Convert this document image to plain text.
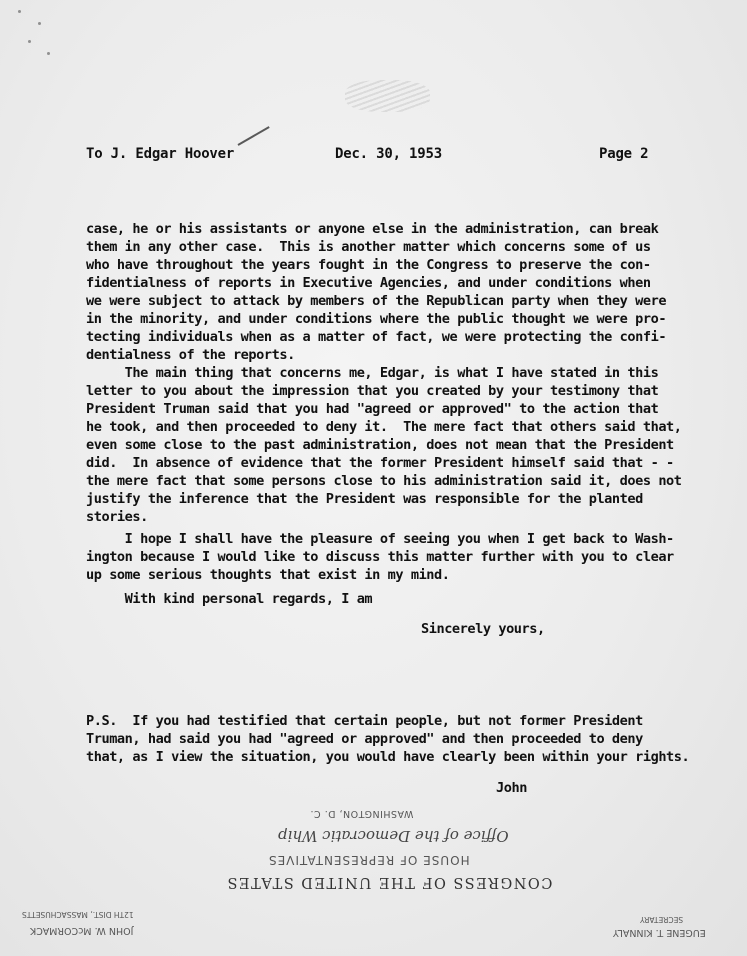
To J. Edgar Hoover	Dec. 30, 1953	Page 2
case, he or his assistants or anyone else in the administration, can break
them in any other case.  This is another matter which concerns some of us
who have throughout the years fought in the Congress to preserve the con-
fidentialness of reports in Executive Agencies, and under conditions when
we were subject to attack by members of the Republican party when they were
in the minority, and under conditions where the public thought we were pro-
tecting individuals when as a matter of fact, we were protecting the confi-
dentialness of the reports.
The main thing that concerns me, Edgar, is what I have stated in this
letter to you about the impression that you created by your testimony that
President Truman said that you had "agreed or approved" to the action that
he took, and then proceeded to deny it.  The mere fact that others said that,
even some close to the past administration, does not mean that the President
did.  In absence of evidence that the former President himself said that - -
the mere fact that some persons close to his administration said it, does not
justify the inference that the President was responsible for the planted
stories.
I hope I shall have the pleasure of seeing you when I get back to Wash-
ington because I would like to discuss this matter further with you to clear
up some serious thoughts that exist in my mind.
With kind personal regards, I am
Sincerely yours,
P.S.  If you had testified that certain people, but not former President
Truman, had said you had "agreed or approved" and then proceeded to deny
that, as I view the situation, you would have clearly been within your rights.
John
WASHINGTON, D. C.
Office of the Democratic Whip
HOUSE OF REPRESENTATIVES
CONGRESS OF THE UNITED STATES
12TH DIST., MASSACHUSETTS
JOHN W. McCORMACK
SECRETARY
EUGENE T. KINNALY
